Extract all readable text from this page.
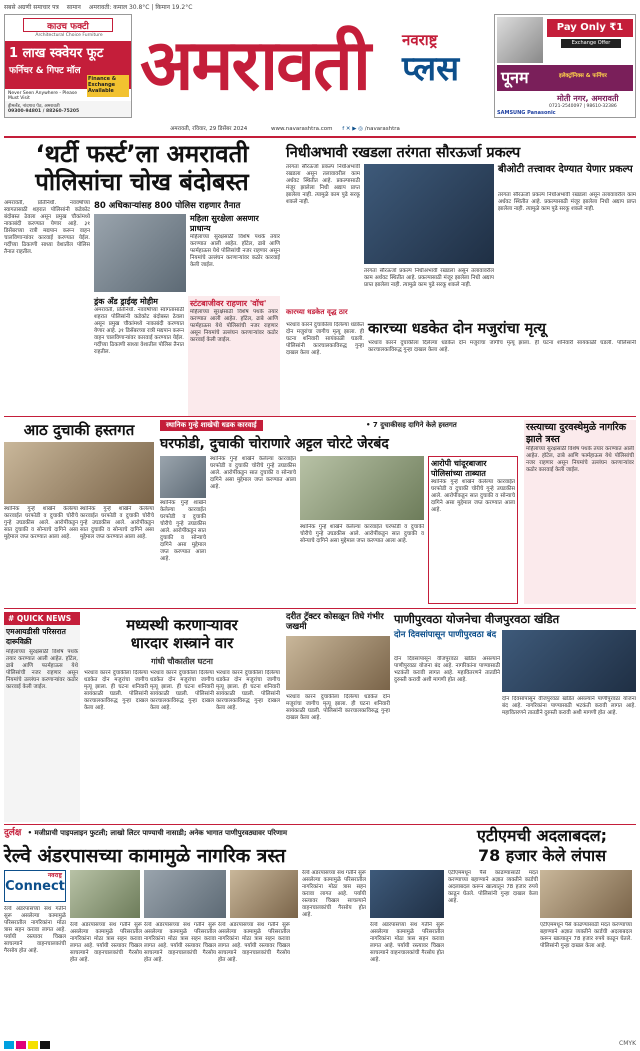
सबसे अग्रणी समाचार पत्र सामान अमरावती: कमाल 30.8°C | किमान 19.2°C
काउच फक्टी
Architectural Choice Furniture
1 लाख स्क्वेयर फूट
फर्निचर & गिफ्ट मॉल
Finance & Exchange Available
Never Seen Anywhere - Please Must Visit
ड्रीमलँड, नांदगाव पेठ, अमरावती
09300-94801 / 88260-75205
अमरावती	नवराष्ट्र
प्लस
Pay Only ₹1
Exchange Offer
पूनम	इलेक्ट्रॉनिक्स & फर्निचर
मोती नगर, अमरावती
0721-2540097 | 98610-32386
SAMSUNG Panasonic
अमरावती, रविवार, 29 डिसेंबर 2024	www.navarashtra.com f ✕ ▶ ◎ /navarashtra
‘थर्टी फर्स्ट’ला अमरावती
पोलिसांचा चोख बंदोबस्त
अमरावती, प्रतिनिधी. नववर्षाच्या स्वागतासाठी शहरात पोलिसांनी कडेकोट बंदोबस्त ठेवला असून प्रमुख चौकांमध्ये नाकाबंदी करण्यात येणार आहे. ३१ डिसेंबरच्या रात्री मद्यपान करून वाहन चालविणाऱ्यांवर कारवाई करण्यात येईल. गर्दीच्या ठिकाणी साध्या वेशातील पोलिस तैनात राहतील.
80 अधिकाऱ्यांसह 800 पोलिस राहणार तैनात
महिला सुरक्षेला असणार प्राधान्य
महिलांच्या सुरक्षेसाठी विशेष पथके तयार करण्यात आली आहेत. हॉटेल, ढाबे आणि फार्महाऊस येथे पोलिसांची नजर राहणार असून नियमांचे उल्लंघन करणाऱ्यांवर कठोर कारवाई केली जाईल.
ड्रंक अँड ड्राईव्ह मोहीम
अमरावती, प्रतिनिधी. नववर्षाच्या स्वागतासाठी शहरात पोलिसांनी कडेकोट बंदोबस्त ठेवला असून प्रमुख चौकांमध्ये नाकाबंदी करण्यात येणार आहे. ३१ डिसेंबरच्या रात्री मद्यपान करून वाहन चालविणाऱ्यांवर कारवाई करण्यात येईल. गर्दीच्या ठिकाणी साध्या वेशातील पोलिस तैनात राहतील.
स्टंटबाजीवर राहणार 'वॉच'
महिलांच्या सुरक्षेसाठी विशेष पथके तयार करण्यात आली आहेत. हॉटेल, ढाबे आणि फार्महाऊस येथे पोलिसांची नजर राहणार असून नियमांचे उल्लंघन करणाऱ्यांवर कठोर कारवाई केली जाईल.
निधीअभावी रखडला तरंगता सौरऊर्जा प्रकल्प
तरंगता सौरऊर्जा प्रकल्प निधीअभावी रखडला असून तलावावरील काम अर्धवट स्थितीत आहे. प्रकल्पासाठी मंजूर झालेला निधी अद्याप प्राप्त झालेला नाही. त्यामुळे काम पुढे सरकू शकले नाही.
कारच्या धडकेत वृद्ध ठार
तरंगता सौरऊर्जा प्रकल्प निधीअभावी रखडला असून तलावावरील काम अर्धवट स्थितीत आहे. प्रकल्पासाठी मंजूर झालेला निधी अद्याप प्राप्त झालेला नाही. त्यामुळे काम पुढे सरकू शकले नाही.
बीओटी तत्त्वावर देण्यात येणार प्रकल्प
तरंगता सौरऊर्जा प्रकल्प निधीअभावी रखडला असून तलावावरील काम अर्धवट स्थितीत आहे. प्रकल्पासाठी मंजूर झालेला निधी अद्याप प्राप्त झालेला नाही. त्यामुळे काम पुढे सरकू शकले नाही.
कारच्या धडकेत दोन मजुरांचा मृत्यू
भरधाव कारने दुचाकीला दिलेल्या धडकेत दोन मजुरांचा जागीच मृत्यू झाला. ही घटना शनिवारी सायंकाळी घडली. पोलिसांनी कारचालकाविरुद्ध गुन्हा दाखल केला आहे.
भरधाव कारने दुचाकीला दिलेल्या धडकेत दोन मजुरांचा जागीच मृत्यू झाला. ही घटना शनिवारी सायंकाळी घडली. पोलिसांनी कारचालकाविरुद्ध गुन्हा दाखल केला आहे.
आठ दुचाकी हस्तगत
स्थानिक गुन्हे शाखेने केलेल्या कारवाईत घरफोडी व दुचाकी चोरीचे गुन्हे उघडकीस आले. आरोपींकडून सात दुचाकी व सोन्याचे दागिने असा मुद्देमाल जप्त करण्यात आला आहे.
स्थानिक गुन्हे शाखेने केलेल्या कारवाईत घरफोडी व दुचाकी चोरीचे गुन्हे उघडकीस आले. आरोपींकडून सात दुचाकी व सोन्याचे दागिने असा मुद्देमाल जप्त करण्यात आला आहे.
स्थानिक गुन्हे शाखेची धडक कारवाई	• 7 दुचाकीसह दागिने केले हस्तगत
घरफोडी, दुचाकी चोराणारे अट्टल चोरटे जेरबंद
स्थानिक गुन्हे शाखेने केलेल्या कारवाईत घरफोडी व दुचाकी चोरीचे गुन्हे उघडकीस आले. आरोपींकडून सात दुचाकी व सोन्याचे दागिने असा मुद्देमाल जप्त करण्यात आला आहे.
स्थानिक गुन्हे शाखेने केलेल्या कारवाईत घरफोडी व दुचाकी चोरीचे गुन्हे उघडकीस आले. आरोपींकडून सात दुचाकी व सोन्याचे दागिने असा मुद्देमाल जप्त करण्यात आला आहे.
स्थानिक गुन्हे शाखेने केलेल्या कारवाईत घरफोडी व दुचाकी चोरीचे गुन्हे उघडकीस आले. आरोपींकडून सात दुचाकी व सोन्याचे दागिने असा मुद्देमाल जप्त करण्यात आला आहे.
आरोपी चांदूरबाजार पोलिसांच्या ताब्यात
स्थानिक गुन्हे शाखेने केलेल्या कारवाईत घरफोडी व दुचाकी चोरीचे गुन्हे उघडकीस आले. आरोपींकडून सात दुचाकी व सोन्याचे दागिने असा मुद्देमाल जप्त करण्यात आला आहे.
रस्त्याच्या दुरवस्थेमुळे नागरिक झाले त्रस्त
महिलांच्या सुरक्षेसाठी विशेष पथके तयार करण्यात आली आहेत. हॉटेल, ढाबे आणि फार्महाऊस येथे पोलिसांची नजर राहणार असून नियमांचे उल्लंघन करणाऱ्यांवर कठोर कारवाई केली जाईल.
# QUICK NEWS
एमआयडीसी परिसरात दारूविक्री
महिलांच्या सुरक्षेसाठी विशेष पथके तयार करण्यात आली आहेत. हॉटेल, ढाबे आणि फार्महाऊस येथे पोलिसांची नजर राहणार असून नियमांचे उल्लंघन करणाऱ्यांवर कठोर कारवाई केली जाईल.
मध्यस्थी करणाऱ्यावर
धारदार शस्त्राने वार
गांधी चौकातील घटना
भरधाव कारने दुचाकीला दिलेल्या धडकेत दोन मजुरांचा जागीच मृत्यू झाला. ही घटना शनिवारी सायंकाळी घडली. पोलिसांनी कारचालकाविरुद्ध गुन्हा दाखल केला आहे.
भरधाव कारने दुचाकीला दिलेल्या धडकेत दोन मजुरांचा जागीच मृत्यू झाला. ही घटना शनिवारी सायंकाळी घडली. पोलिसांनी कारचालकाविरुद्ध गुन्हा दाखल केला आहे.
भरधाव कारने दुचाकीला दिलेल्या धडकेत दोन मजुरांचा जागीच मृत्यू झाला. ही घटना शनिवारी सायंकाळी घडली. पोलिसांनी कारचालकाविरुद्ध गुन्हा दाखल केला आहे.
दरीत ट्रॅक्टर कोसळून तिघे गंभीर जखमी
भरधाव कारने दुचाकीला दिलेल्या धडकेत दोन मजुरांचा जागीच मृत्यू झाला. ही घटना शनिवारी सायंकाळी घडली. पोलिसांनी कारचालकाविरुद्ध गुन्हा दाखल केला आहे.
पाणीपुरवठा योजनेचा वीजपुरवठा खंडित
दोन दिवसांपासून पाणीपुरवठा बंद
दोन दिवसांपासून वीजपुरवठा खंडित असल्याने पाणीपुरवठा योजना बंद आहे. नागरिकांना पाण्यासाठी भटकंती करावी लागत आहे. महावितरणने तातडीने दुरुस्ती करावी अशी मागणी होत आहे.
दोन दिवसांपासून वीजपुरवठा खंडित असल्याने पाणीपुरवठा योजना बंद आहे. नागरिकांना पाण्यासाठी भटकंती करावी लागत आहे. महावितरणने तातडीने दुरुस्ती करावी अशी मागणी होत आहे.
दुर्लक्ष • मजीप्राची पाइपलाइन फुटली; लाखो लिटर पाण्याची नासाडी; अनेक भागात पाणीपुरवठ्यावर परिणाम
रेल्वे अंडरपासच्या कामामुळे नागरिक त्रस्त
एटीएमची अदलाबदल;
78 हजार केले लंपास
नवराष्ट्र
Connect
रेल्वे अंडरपासच्या संथ गतीने सुरू असलेल्या कामामुळे परिसरातील नागरिकांना मोठा त्रास सहन करावा लागत आहे. पर्यायी रस्त्यावर चिखल साचल्याने वाहनचालकांची गैरसोय होत आहे.
रेल्वे अंडरपासच्या संथ गतीने सुरू असलेल्या कामामुळे परिसरातील नागरिकांना मोठा त्रास सहन करावा लागत आहे. पर्यायी रस्त्यावर चिखल साचल्याने वाहनचालकांची गैरसोय होत आहे.
रेल्वे अंडरपासच्या संथ गतीने सुरू असलेल्या कामामुळे परिसरातील नागरिकांना मोठा त्रास सहन करावा लागत आहे. पर्यायी रस्त्यावर चिखल साचल्याने वाहनचालकांची गैरसोय होत आहे.
रेल्वे अंडरपासच्या संथ गतीने सुरू असलेल्या कामामुळे परिसरातील नागरिकांना मोठा त्रास सहन करावा लागत आहे. पर्यायी रस्त्यावर चिखल साचल्याने वाहनचालकांची गैरसोय होत आहे.
रेल्वे अंडरपासच्या संथ गतीने सुरू असलेल्या कामामुळे परिसरातील नागरिकांना मोठा त्रास सहन करावा लागत आहे. पर्यायी रस्त्यावर चिखल साचल्याने वाहनचालकांची गैरसोय होत आहे.
रेल्वे अंडरपासच्या संथ गतीने सुरू असलेल्या कामामुळे परिसरातील नागरिकांना मोठा त्रास सहन करावा लागत आहे. पर्यायी रस्त्यावर चिखल साचल्याने वाहनचालकांची गैरसोय होत आहे.
एटीएममधून पैसे काढण्यासाठी मदत करण्याच्या बहाण्याने अज्ञात व्यक्तीने कार्डची अदलाबदल करून खात्यातून 78 हजार रुपये काढून घेतले. पोलिसांनी गुन्हा दाखल केला आहे.
एटीएममधून पैसे काढण्यासाठी मदत करण्याच्या बहाण्याने अज्ञात व्यक्तीने कार्डची अदलाबदल करून खात्यातून 78 हजार रुपये काढून घेतले. पोलिसांनी गुन्हा दाखल केला आहे.
CMYK
